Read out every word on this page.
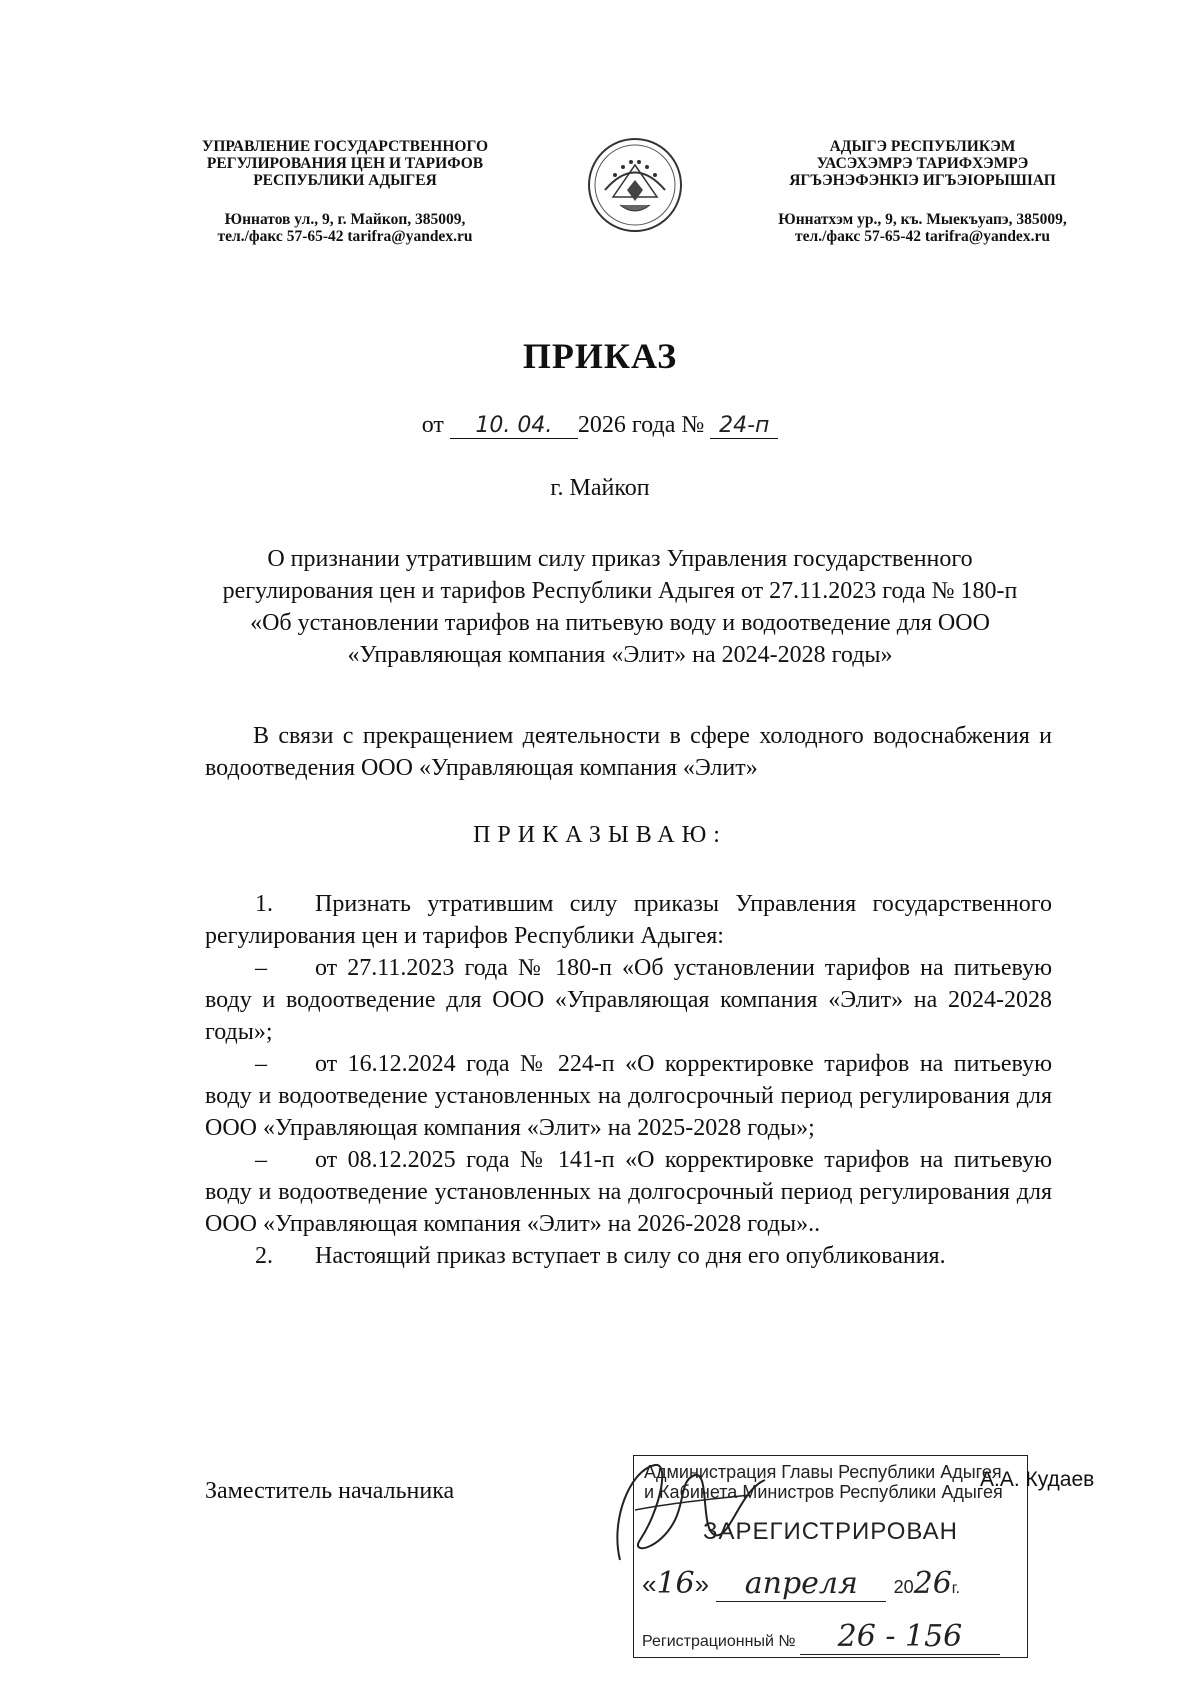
УПРАВЛЕНИЕ ГОСУДАРСТВЕННОГО
РЕГУЛИРОВАНИЯ ЦЕН И ТАРИФОВ
РЕСПУБЛИКИ АДЫГЕЯ
Юннатов ул., 9, г. Майкоп, 385009,
тел./факс 57-65-42 tarifra@yandex.ru
АДЫГЭ РЕСПУБЛИКЭМ
УАСЭХЭМРЭ ТАРИФХЭМРЭ
ЯГЪЭНЭФЭНКIЭ ИГЪЭIОРЫШIАП
Юннатхэм ур., 9, къ. Мыекъуапэ, 385009,
тел./факс 57-65-42 tarifra@yandex.ru
ПРИКАЗ
от 10. 04. 2026 года № 24-п
г. Майкоп
О признании утратившим силу приказ Управления государственного регулирования цен и тарифов Республики Адыгея от 27.11.2023 года № 180-п «Об установлении тарифов на питьевую воду и водоотведение для ООО «Управляющая компания «Элит» на 2024-2028 годы»
В связи с прекращением деятельности в сфере холодного водоснабжения и водоотведения ООО «Управляющая компания «Элит»
ПРИКАЗЫВАЮ:

1. Признать утратившим силу приказы Управления государственного регулирования цен и тарифов Республики Адыгея:

– от 27.11.2023 года № 180-п «Об установлении тарифов на питьевую воду и водоотведение для ООО «Управляющая компания «Элит» на 2024-2028 годы»;

– от 16.12.2024 года № 224-п «О корректировке тарифов на питьевую воду и водоотведение установленных на долгосрочный период регулирования для ООО «Управляющая компания «Элит» на 2025-2028 годы»;

– от 08.12.2025 года № 141-п «О корректировке тарифов на питьевую воду и водоотведение установленных на долгосрочный период регулирования для ООО «Управляющая компания «Элит» на 2026-2028 годы»..

2. Настоящий приказ вступает в силу со дня его опубликования.

Заместитель начальника
Администрация Главы Республики Адыгея
и Кабинета Министров Республики Адыгея
ЗАРЕГИСТРИРОВАН
«16» апреля 2026г.
Регистрационный № 26 - 156
А.А. Кудаев
